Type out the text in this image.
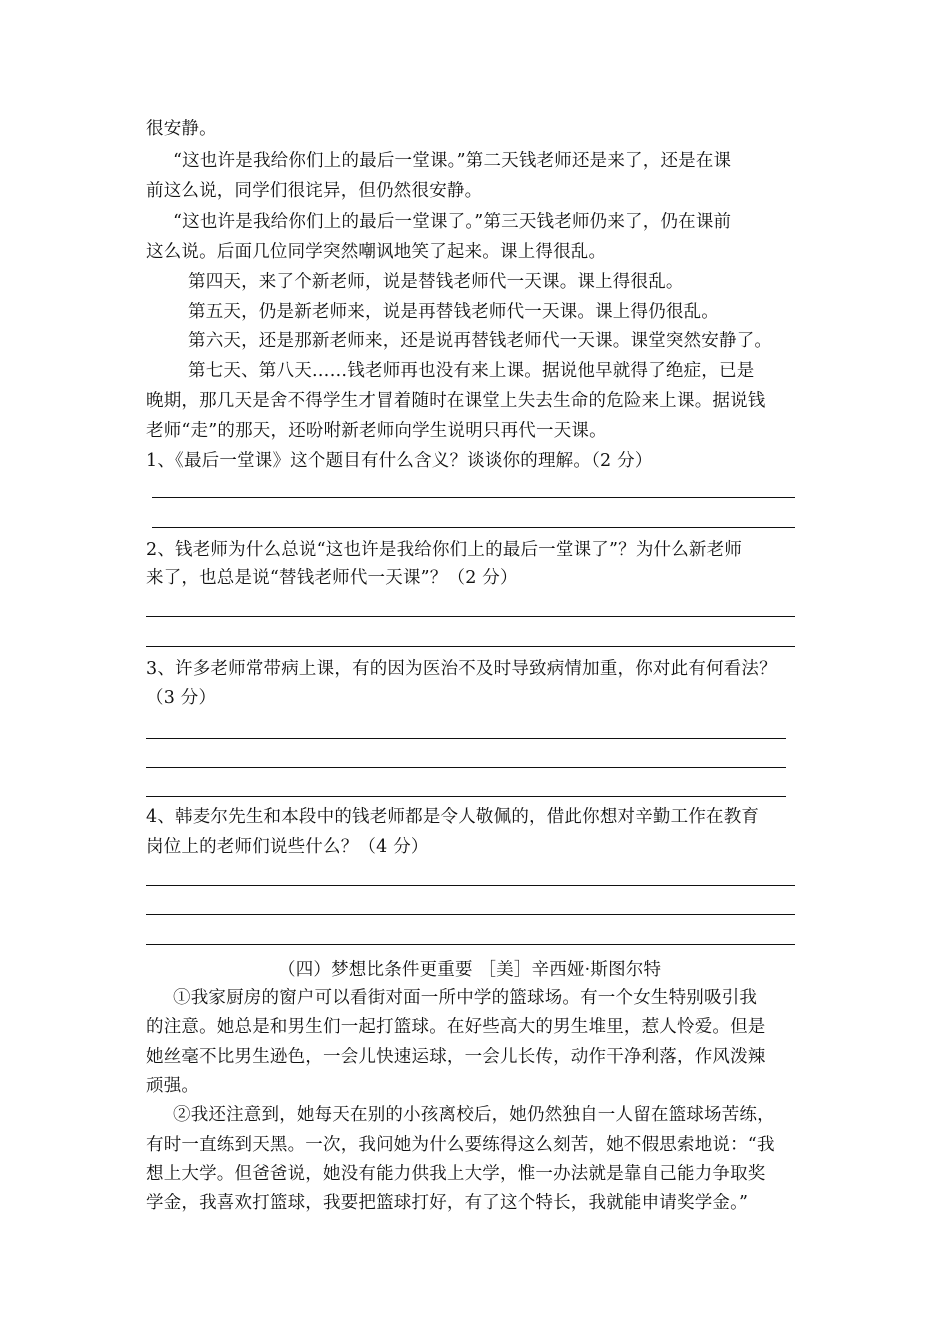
很安静。
“这也许是我给你们上的最后一堂课。”第二天钱老师还是来了，还是在课
前这么说，同学们很诧异，但仍然很安静。
“这也许是我给你们上的最后一堂课了。”第三天钱老师仍来了，仍在课前
这么说。后面几位同学突然嘲讽地笑了起来。课上得很乱。
第四天，来了个新老师，说是替钱老师代一天课。课上得很乱。
第五天，仍是新老师来，说是再替钱老师代一天课。课上得仍很乱。
第六天，还是那新老师来，还是说再替钱老师代一天课。课堂突然安静了。
第七天、第八天……钱老师再也没有来上课。据说他早就得了绝症，已是
晚期，那几天是舍不得学生才冒着随时在课堂上失去生命的危险来上课。据说钱
老师“走”的那天，还吩咐新老师向学生说明只再代一天课。
1、《最后一堂课》这个题目有什么含义？谈谈你的理解。（2 分）
2、钱老师为什么总说“这也许是我给你们上的最后一堂课了”？为什么新老师
来了，也总是说“替钱老师代一天课”？（2 分）
3、许多老师常带病上课，有的因为医治不及时导致病情加重，你对此有何看法？
（3 分）
4、韩麦尔先生和本段中的钱老师都是令人敬佩的，借此你想对辛勤工作在教育
岗位上的老师们说些什么？（4 分）
（四）梦想比条件更重要 ［美］辛西娅·斯图尔特
①我家厨房的窗户可以看街对面一所中学的篮球场。有一个女生特别吸引我
的注意。她总是和男生们一起打篮球。在好些高大的男生堆里，惹人怜爱。但是
她丝毫不比男生逊色，一会儿快速运球，一会儿长传，动作干净利落，作风泼辣
顽强。
②我还注意到，她每天在别的小孩离校后，她仍然独自一人留在篮球场苦练，
有时一直练到天黑。一次，我问她为什么要练得这么刻苦，她不假思索地说：“我
想上大学。但爸爸说，她没有能力供我上大学，惟一办法就是靠自己能力争取奖
学金，我喜欢打篮球，我要把篮球打好，有了这个特长，我就能申请奖学金。”
